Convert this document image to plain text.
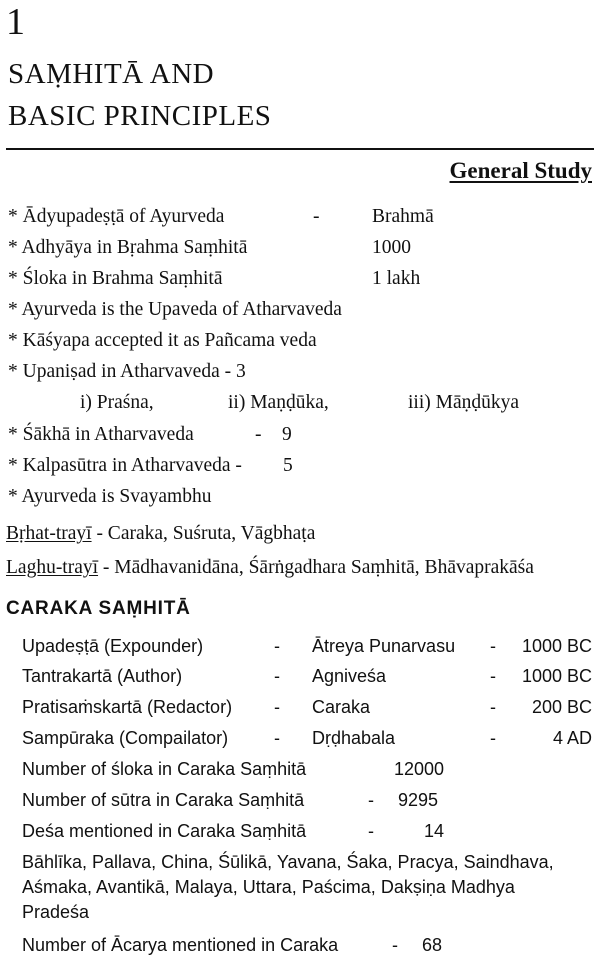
1
SAṂHITĀ AND
BASIC PRINCIPLES
General Study
* Ādyupadeṣṭā of Ayurveda	-	Brahmā
* Adhyāya in Bṛahma Saṃhitā	1000
* Śloka in Brahma Saṃhitā	1 lakh
* Ayurveda is the Upaveda of Atharvaveda
* Kāśyapa accepted it as Pañcama veda
* Upaniṣad in Atharvaveda - 3
i) Praśna,	ii) Maṇḍūka,	iii) Māṇḍūkya
* Śākhā in Atharvaveda	- 9
* Kalpasūtra in Atharvaveda - 5
* Ayurveda is Svayambhu
Bṛhat-trayī - Caraka, Suśruta, Vāgbhaṭa
Laghu-trayī - Mādhavanidāna, Śārṅgadhara Saṃhitā, Bhāvaprakāśa
CARAKA SAṂHITĀ
Upadeṣṭā (Expounder)	- Ātreya Punarvasu - 1000 BC
Tantrakartā (Author)	- Agniveśa	- 1000 BC
Pratisaṁskartā (Redactor) - Caraka	- 200 BC
Sampūraka (Compailator)	- Dṛḍhabala	-	4 AD
Number of śloka in Caraka Saṃhitā	12000
Number of sūtra in Caraka Saṃhitā	- 9295
Deśa mentioned in Caraka Saṃhitā	-	14
Bāhlīka, Pallava, China, Śūlikā, Yavana, Śaka, Pracya, Saindhava,
Aśmaka, Avantikā, Malaya, Uttara, Paścima, Dakṣiṇa Madhya
Pradeśa
Number of Ācarya mentioned in Caraka	- 68
